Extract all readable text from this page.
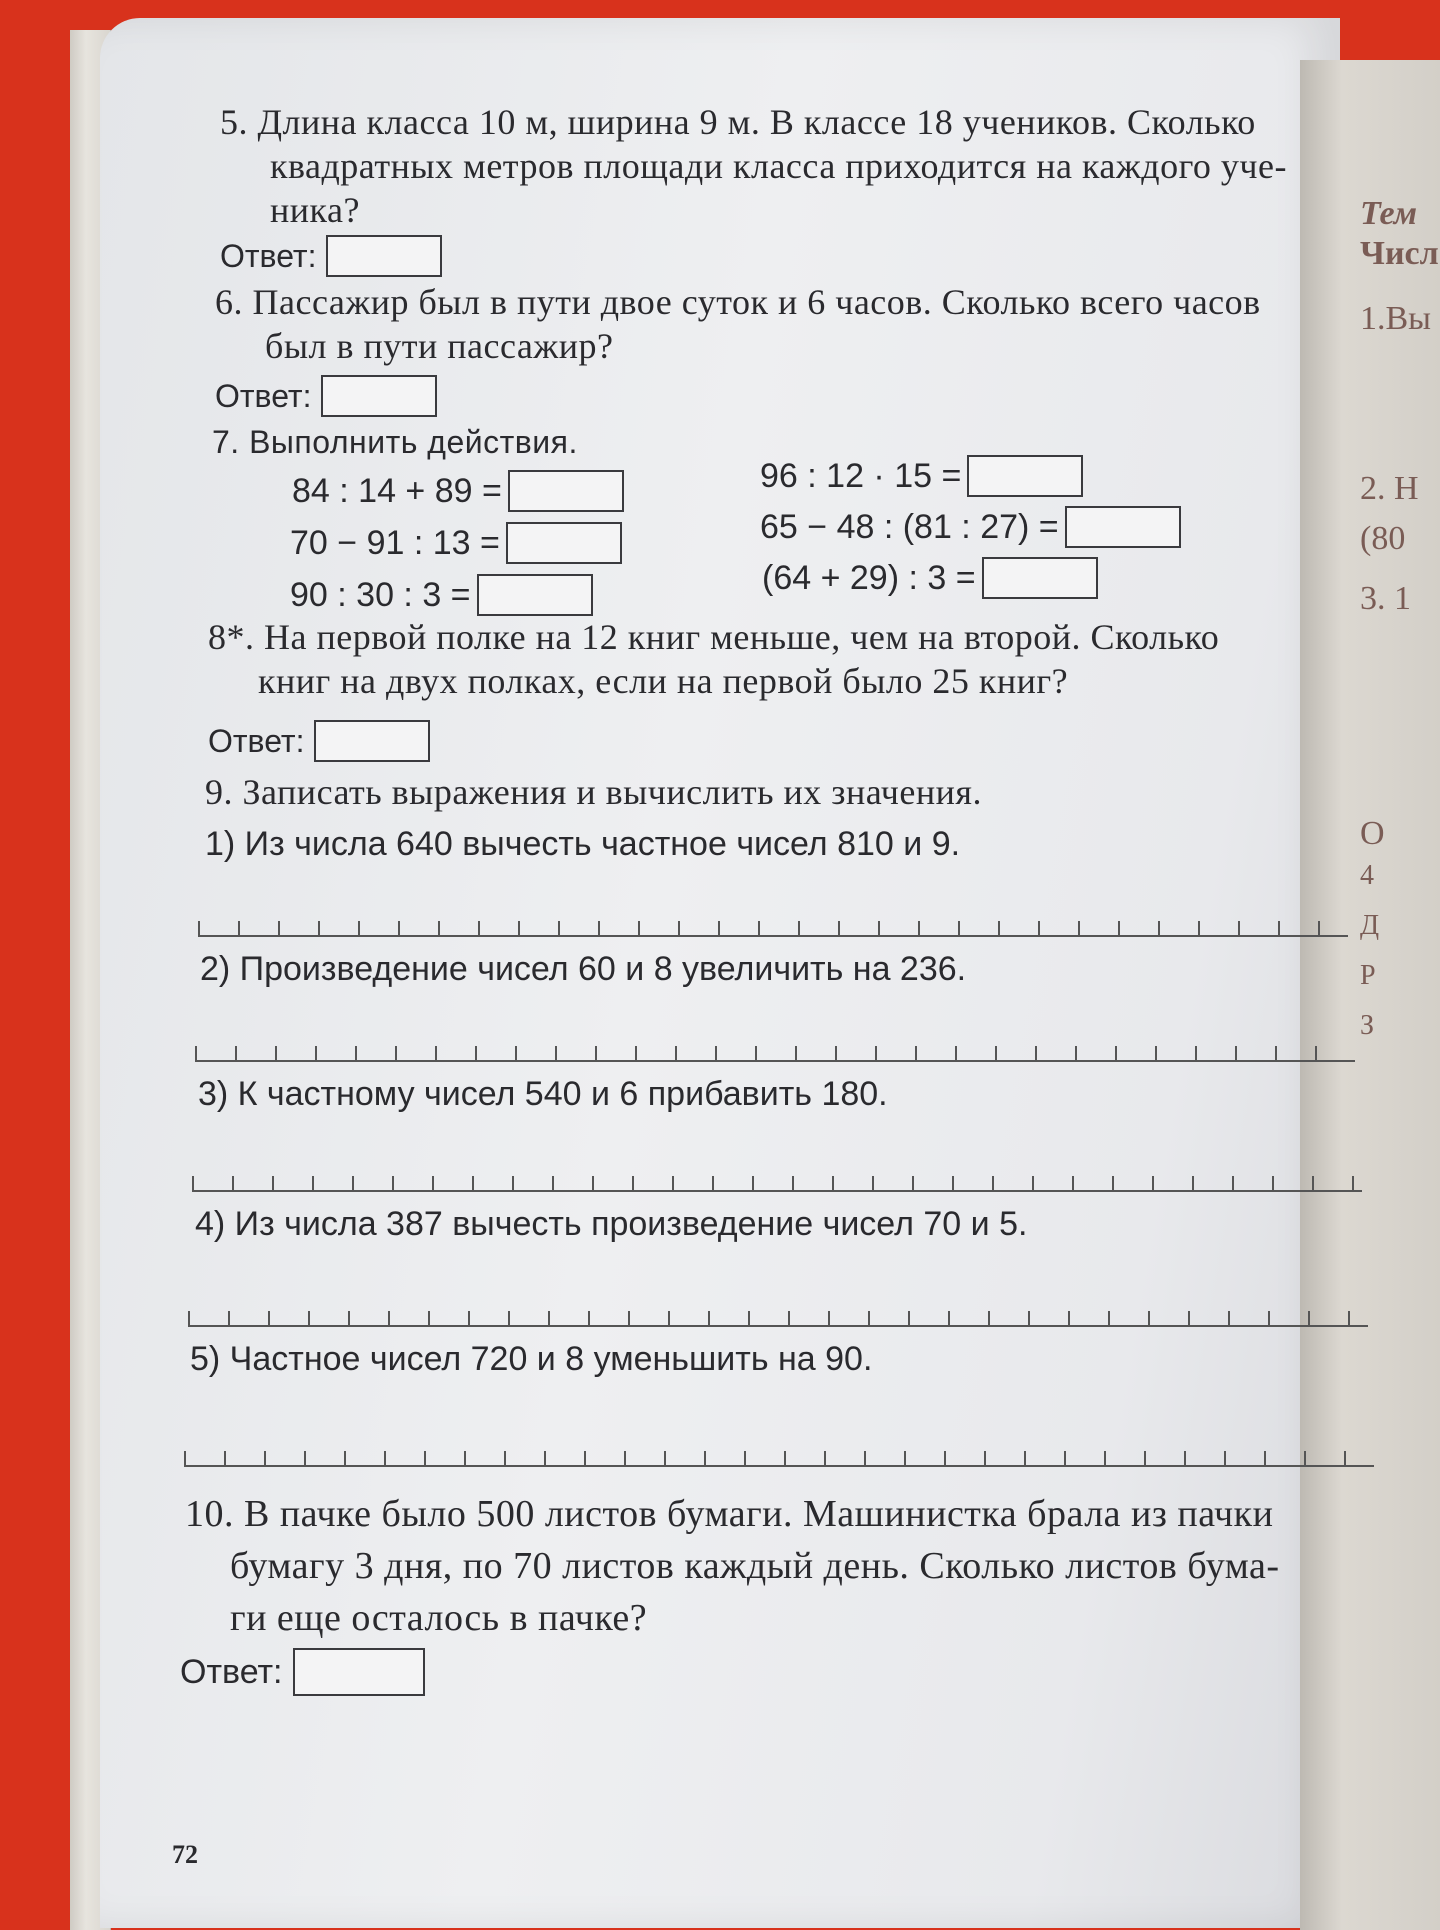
Тем
Числ
1.Вы
2. Н
(80
3. 1
О
4
Д
Р
З
5. Длина класса 10 м, ширина 9 м. В классе 18 учеников. Сколько
квадратных метров площади класса приходится на каждого уче-
ника?
Ответ:
6. Пассажир был в пути двое суток и 6 часов. Сколько всего часов
был в пути пассажир?
Ответ:
7. Выполнить действия.
84 : 14 + 89 =
70 − 91 : 13 =
90 : 30 : 3 =
96 : 12 · 15 =
65 − 48 : (81 : 27) =
(64 + 29) : 3 =
8*. На первой полке на 12 книг меньше, чем на второй. Сколько
книг на двух полках, если на первой было 25 книг?
Ответ:
9. Записать выражения и вычислить их значения.
1) Из числа 640 вычесть частное чисел 810 и 9.
2) Произведение чисел 60 и 8 увеличить на 236.
3) К частному чисел 540 и 6 прибавить 180.
4) Из числа 387 вычесть произведение чисел 70 и 5.
5) Частное чисел 720 и 8 уменьшить на 90.
10. В пачке было 500 листов бумаги. Машинистка брала из пачки
бумагу 3 дня, по 70 листов каждый день. Сколько листов бума-
ги еще осталось в пачке?
Ответ:
72
